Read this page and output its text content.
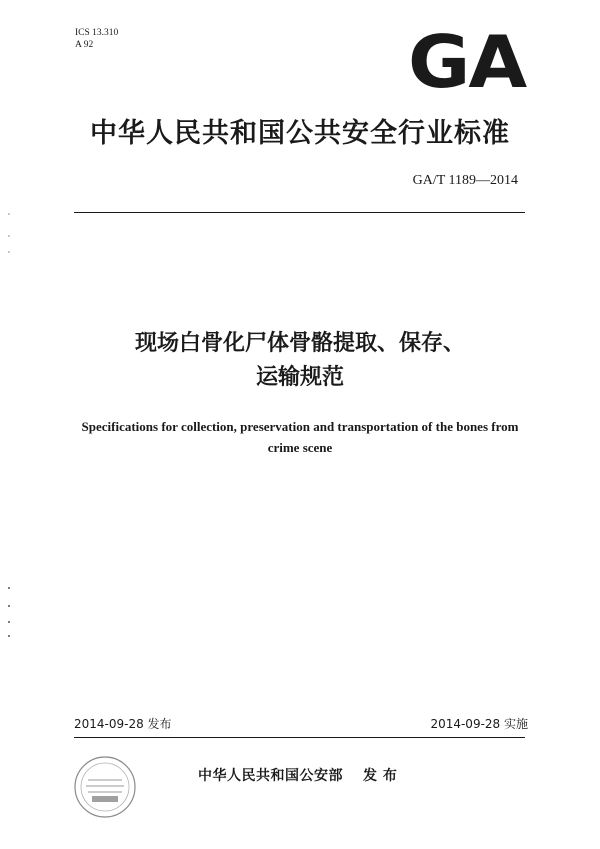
ICS 13.310
A 92	GA
中华人民共和国公共安全行业标准
GA/T 1189—2014
现场白骨化尸体骨骼提取、保存、
运输规范
Specifications for collection, preservation and transportation of the bones from
crime scene
2014-09-28 发布	2014-09-28 实施
中华人民共和国公安部 发 布
